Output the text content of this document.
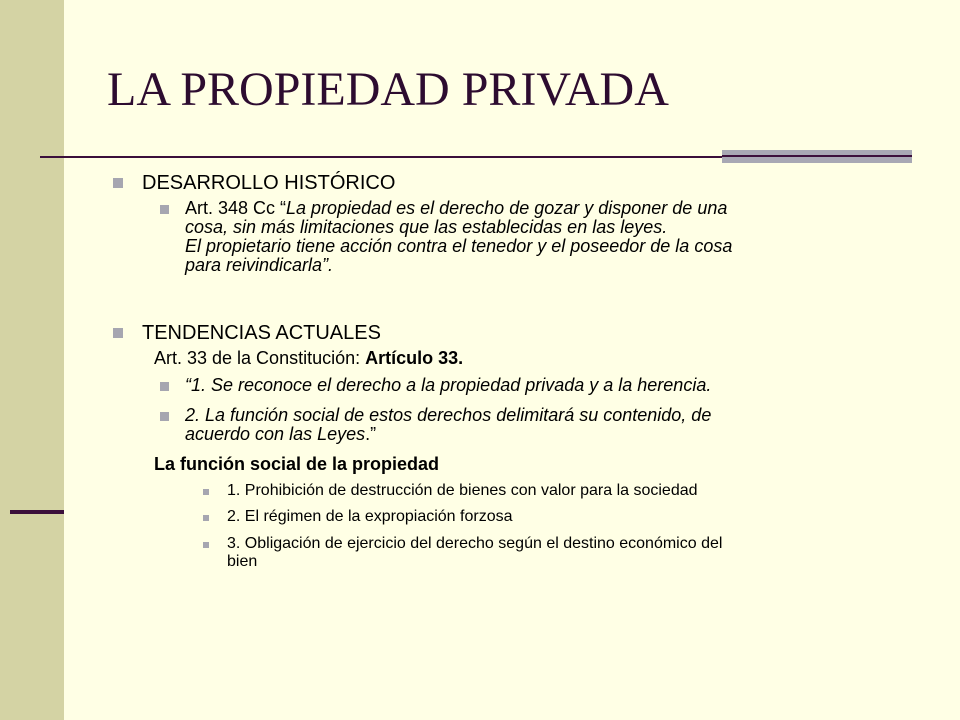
LA PROPIEDAD PRIVADA
DESARROLLO HISTÓRICO
Art. 348 Cc “La propiedad es el derecho de gozar y disponer de una
cosa, sin más limitaciones que las establecidas en las leyes.
El propietario tiene acción contra el tenedor y el poseedor de la cosa
para reivindicarla”.
TENDENCIAS ACTUALES
Art. 33 de la Constitución: Artículo 33.
“1. Se reconoce el derecho a la propiedad privada y a la herencia.
2. La función social de estos derechos delimitará su contenido, de
acuerdo con las Leyes.”
La función social de la propiedad
1. Prohibición de destrucción de bienes con valor para la sociedad
2. El régimen de la expropiación forzosa
3. Obligación de ejercicio del derecho según el destino económico del
bien
